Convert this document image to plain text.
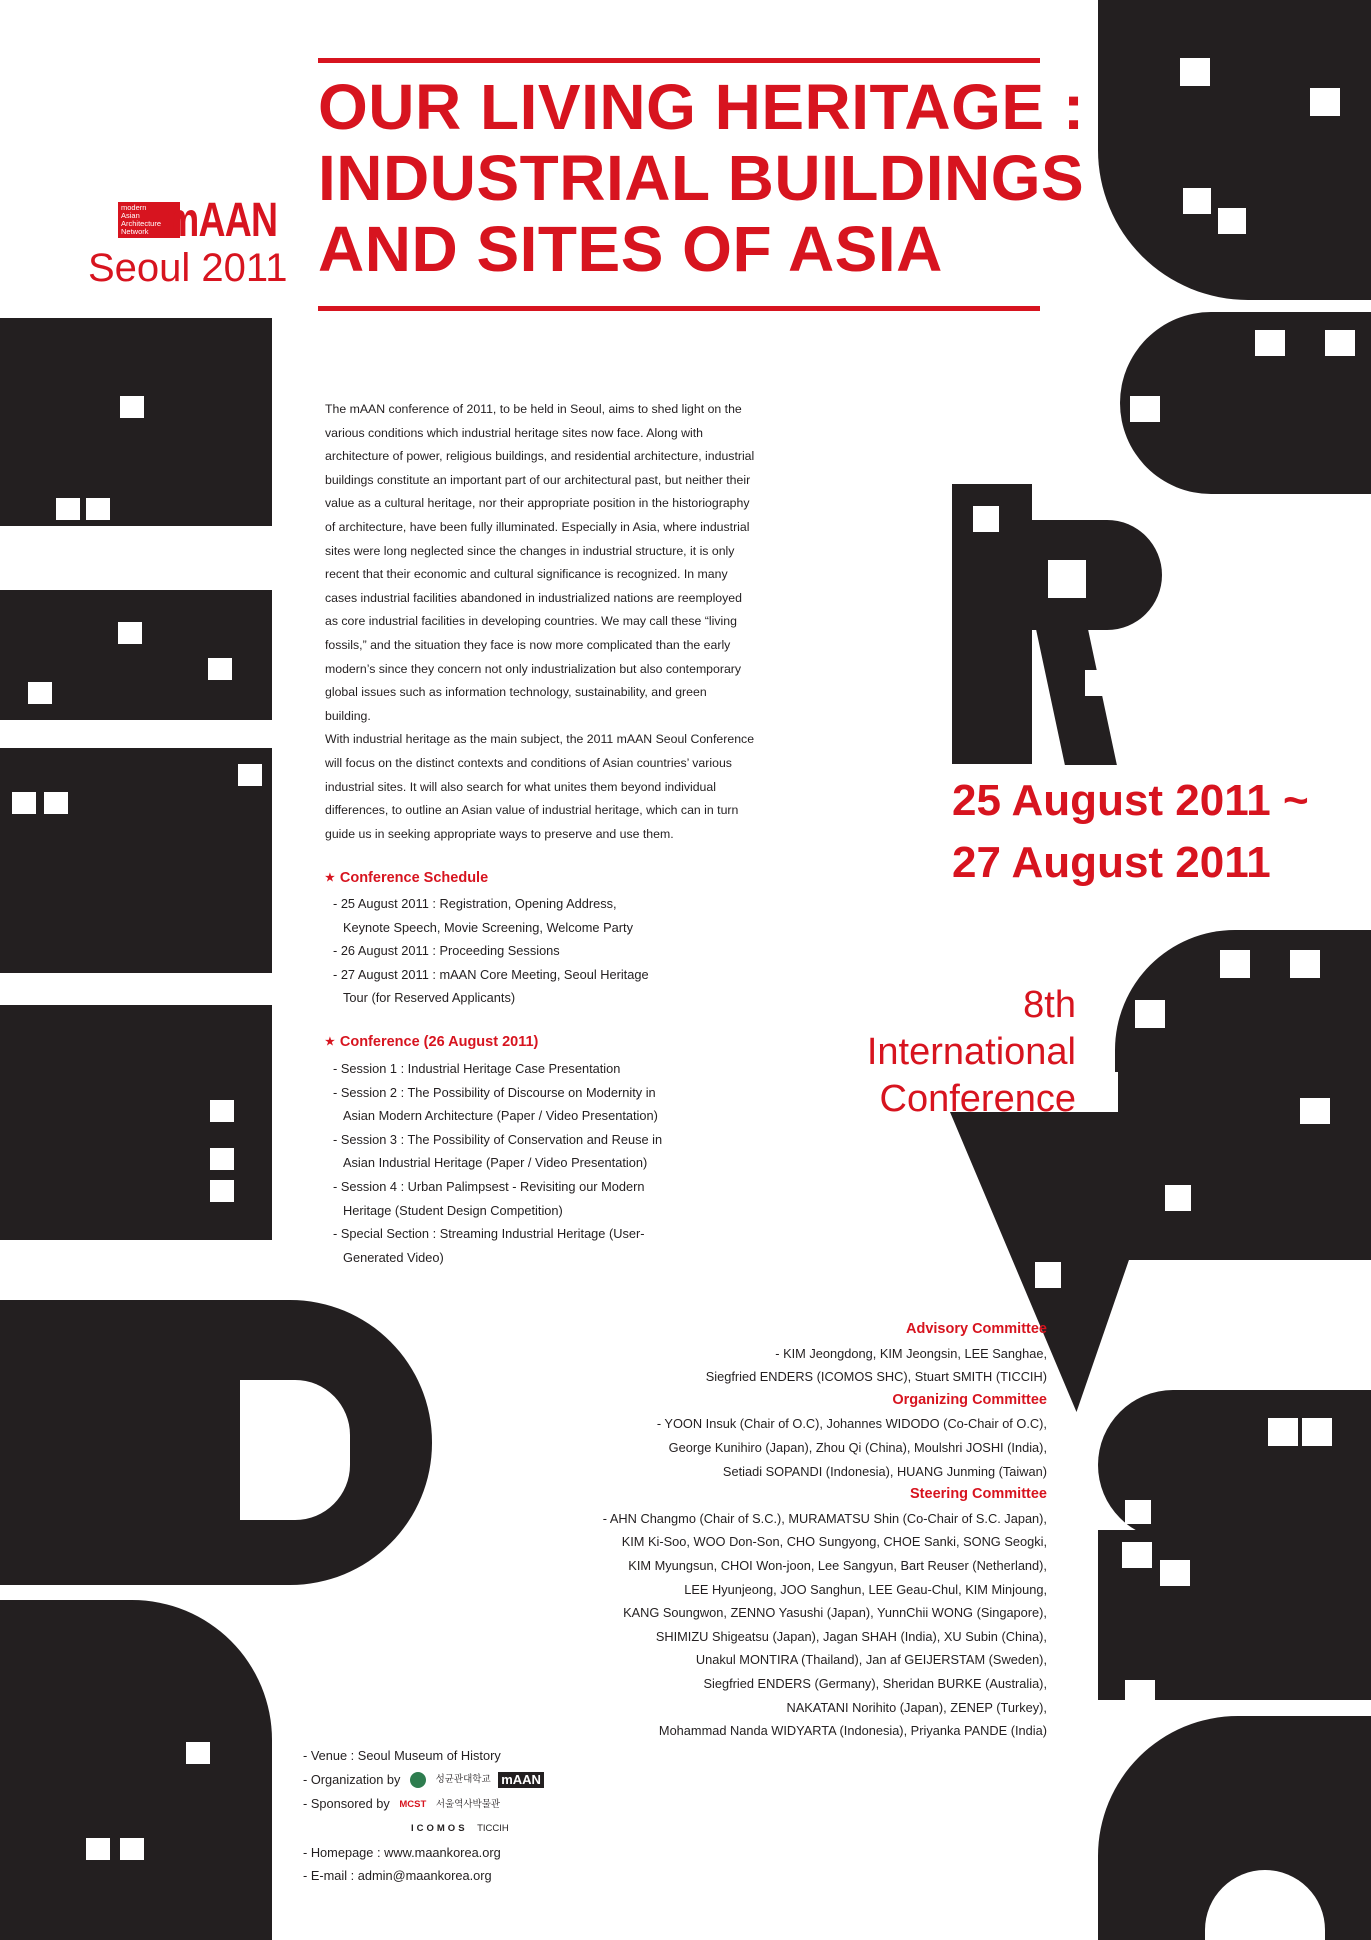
OUR LIVING HERITAGE :
INDUSTRIAL BUILDINGS
AND SITES OF ASIA
modern
Asian
Architecture
Network mAAN
Seoul 2011

The mAAN conference of 2011, to be held in Seoul, aims to shed light on the various conditions which industrial heritage sites now face. Along with architecture of power, religious buildings, and residential architecture, industrial buildings constitute an important part of our architectural past, but neither their value as a cultural heritage, nor their appropriate position in the historiography of architecture, have been fully illuminated. Especially in Asia, where industrial sites were long neglected since the changes in industrial structure, it is only recent that their economic and cultural significance is recognized. In many cases industrial facilities abandoned in industrialized nations are reemployed as core industrial facilities in developing countries. We may call these “living fossils,” and the situation they face is now more complicated than the early modern’s since they concern not only industrialization but also contemporary global issues such as information technology, sustainability, and green building.

With industrial heritage as the main subject, the 2011 mAAN Seoul Conference will focus on the distinct contexts and conditions of Asian countries’ various industrial sites. It will also search for what unites them beyond individual differences, to outline an Asian value of industrial heritage, which can in turn guide us in seeking appropriate ways to preserve and use them.

★ Conference Schedule
- 25 August 2011 : Registration, Opening Address, Keynote Speech, Movie Screening, Welcome Party
- 26 August 2011 : Proceeding Sessions
- 27 August 2011 : mAAN Core Meeting, Seoul Heritage Tour (for Reserved Applicants)
★ Conference (26 August 2011)
- Session 1 : Industrial Heritage Case Presentation
- Session 2 : The Possibility of Discourse on Modernity in Asian Modern Architecture (Paper / Video Presentation)
- Session 3 : The Possibility of Conservation and Reuse in Asian Industrial Heritage (Paper / Video Presentation)
- Session 4 : Urban Palimpsest - Revisiting our Modern Heritage (Student Design Competition)
- Special Section : Streaming Industrial Heritage (User-Generated Video)
25 August 2011 ~
27 August 2011
8th
International
Conference
Advisory Committee
- KIM Jeongdong, KIM Jeongsin, LEE Sanghae,
Siegfried ENDERS (ICOMOS SHC), Stuart SMITH (TICCIH)
Organizing Committee
- YOON Insuk (Chair of O.C), Johannes WIDODO (Co-Chair of O.C),
George Kunihiro (Japan), Zhou Qi (China), Moulshri JOSHI (India),
Setiadi SOPANDI (Indonesia), HUANG Junming (Taiwan)
Steering Committee
- AHN Changmo (Chair of S.C.), MURAMATSU Shin (Co-Chair of S.C. Japan),
KIM Ki-Soo, WOO Don-Son, CHO Sungyong, CHOE Sanki, SONG Seogki,
KIM Myungsun, CHOI Won-joon, Lee Sangyun, Bart Reuser (Netherland),
LEE Hyunjeong, JOO Sanghun, LEE Geau-Chul, KIM Minjoung,
KANG Soungwon, ZENNO Yasushi (Japan), YunnChii WONG (Singapore),
SHIMIZU Shigeatsu (Japan), Jagan SHAH (India), XU Subin (China),
Unakul MONTIRA (Thailand), Jan af GEIJERSTAM (Sweden),
Siegfried ENDERS (Germany), Sheridan BURKE (Australia),
NAKATANI Norihito (Japan), ZENEP (Turkey),
Mohammad Nanda WIDYARTA (Indonesia), Priyanka PANDE (India)
- Venue : Seoul Museum of History
- Organization by	성균관대학교 mAAN
- Sponsored by MCST 서울역사박물관
ICOMOS TICCIH
- Homepage : www.maankorea.org
- E-mail : admin@maankorea.org
